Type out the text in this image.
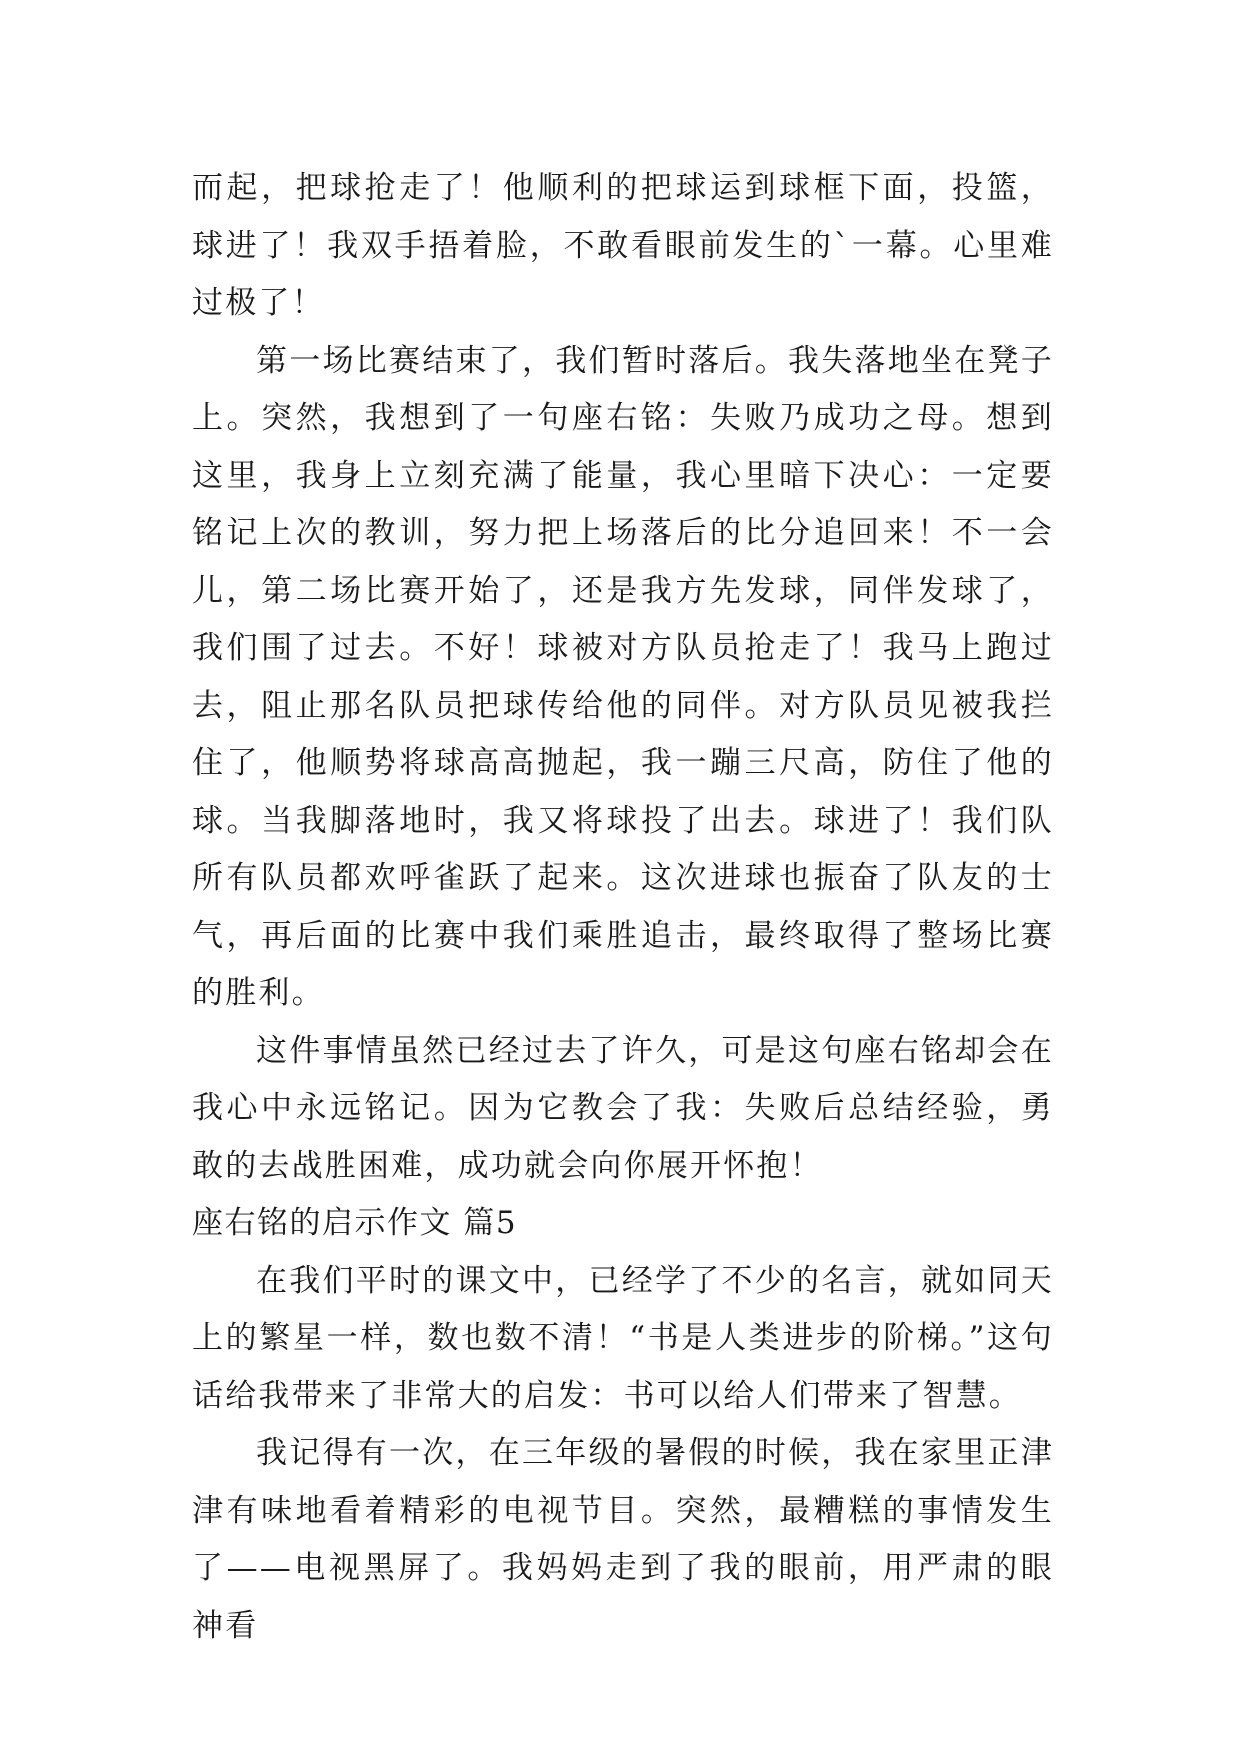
而起，把球抢走了！他顺利的把球运到球框下面，投篮，球进了！我双手捂着脸，不敢看眼前发生的`一幕。心里难过极了！

第一场比赛结束了，我们暂时落后。我失落地坐在凳子上。突然，我想到了一句座右铭：失败乃成功之母。想到这里，我身上立刻充满了能量，我心里暗下决心：一定要铭记上次的教训，努力把上场落后的比分追回来！不一会儿，第二场比赛开始了，还是我方先发球，同伴发球了，我们围了过去。不好！球被对方队员抢走了！我马上跑过去，阻止那名队员把球传给他的同伴。对方队员见被我拦住了，他顺势将球高高抛起，我一蹦三尺高，防住了他的球。当我脚落地时，我又将球投了出去。球进了！我们队所有队员都欢呼雀跃了起来。这次进球也振奋了队友的士气，再后面的比赛中我们乘胜追击，最终取得了整场比赛的胜利。

这件事情虽然已经过去了许久，可是这句座右铭却会在我心中永远铭记。因为它教会了我：失败后总结经验，勇敢的去战胜困难，成功就会向你展开怀抱！

座右铭的启示作文 篇5

在我们平时的课文中，已经学了不少的名言，就如同天上的繁星一样，数也数不清！“书是人类进步的阶梯。”这句话给我带来了非常大的启发：书可以给人们带来了智慧。

我记得有一次，在三年级的暑假的时候，我在家里正津津有味地看着精彩的电视节目。突然，最糟糕的事情发生了——电视黑屏了。我妈妈走到了我的眼前，用严肃的眼神看
